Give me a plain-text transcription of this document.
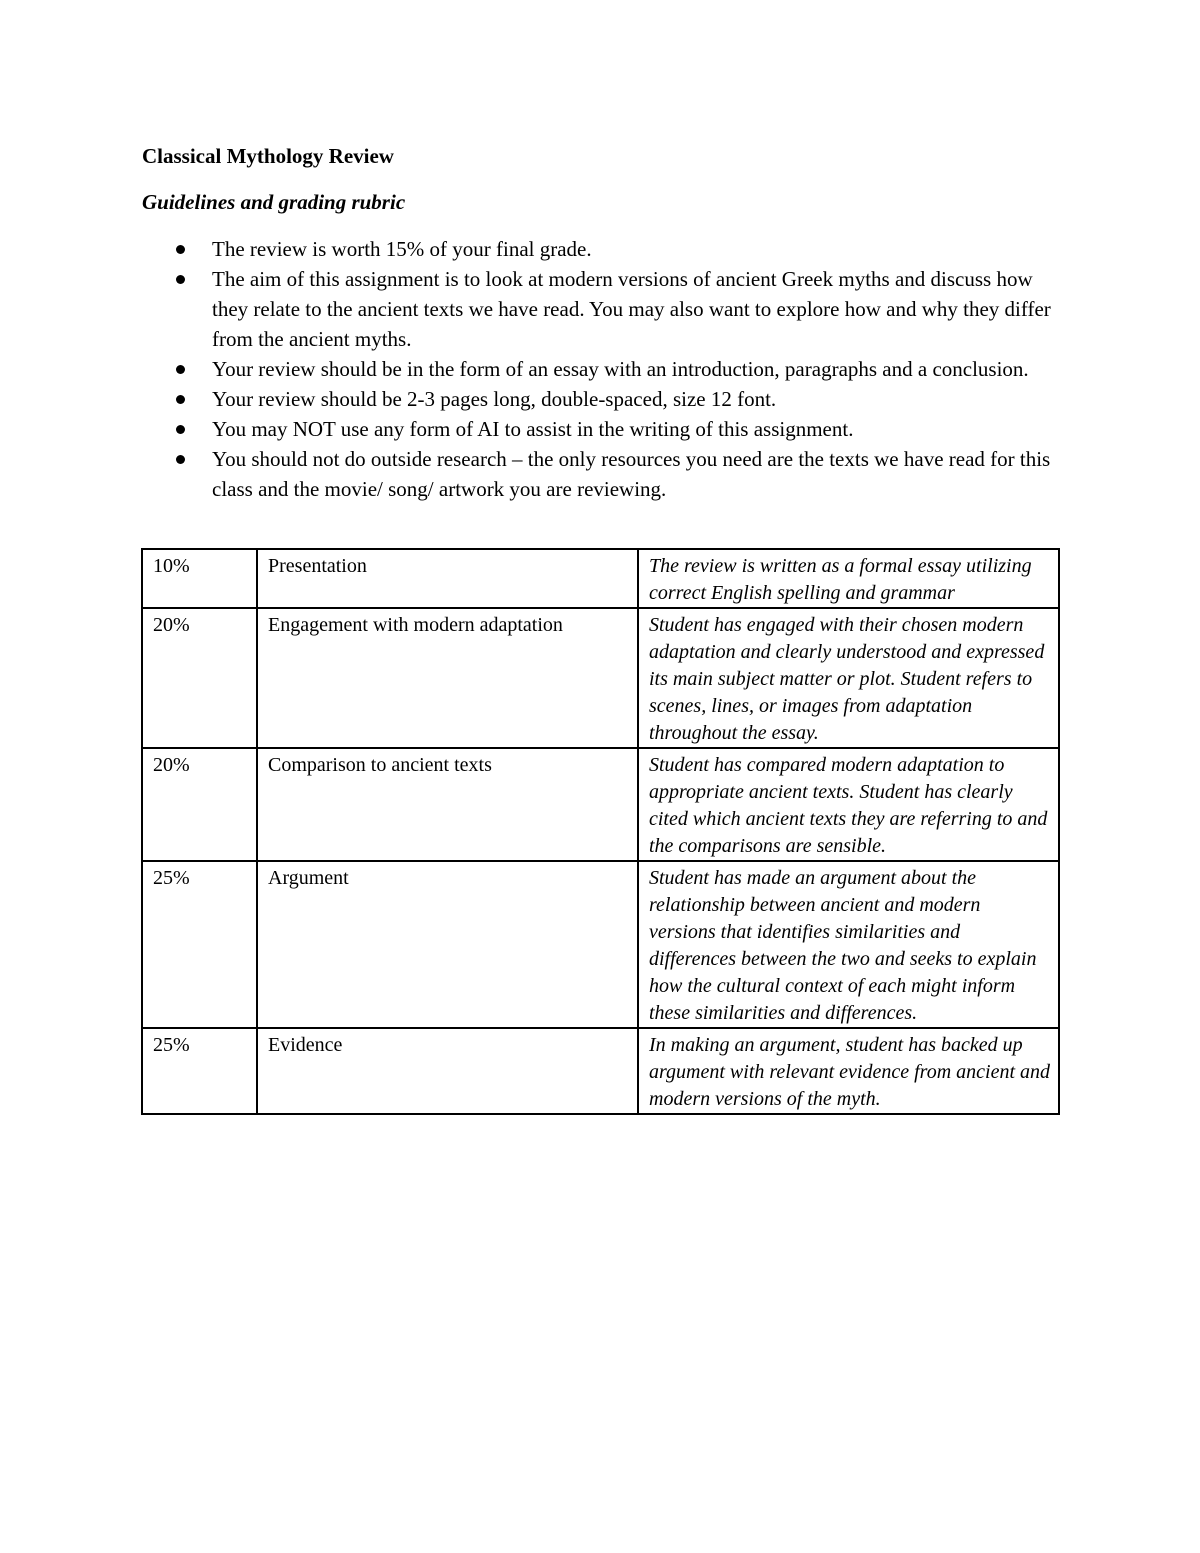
Classical Mythology Review
Guidelines and grading rubric
The review is worth 15% of your final grade.
The aim of this assignment is to look at modern versions of ancient Greek myths and discuss how they relate to the ancient texts we have read. You may also want to explore how and why they differ from the ancient myths.
Your review should be in the form of an essay with an introduction, paragraphs and a conclusion.
Your review should be 2-3 pages long, double-spaced, size 12 font.
You may NOT use any form of AI to assist in the writing of this assignment.
You should not do outside research – the only resources you need are the texts we have read for this class and the movie/ song/ artwork you are reviewing.
10%	Presentation	The review is written as a formal essay utilizing correct English spelling and grammar
20%	Engagement with modern adaptation	Student has engaged with their chosen modern adaptation and clearly understood and expressed its main subject matter or plot. Student refers to scenes, lines, or images from adaptation throughout the essay.
20%	Comparison to ancient texts	Student has compared modern adaptation to appropriate ancient texts. Student has clearly cited which ancient texts they are referring to and the comparisons are sensible.
25%	Argument	Student has made an argument about the relationship between ancient and modern versions that identifies similarities and differences between the two and seeks to explain how the cultural context of each might inform these similarities and differences.
25%	Evidence	In making an argument, student has backed up argument with relevant evidence from ancient and modern versions of the myth.
